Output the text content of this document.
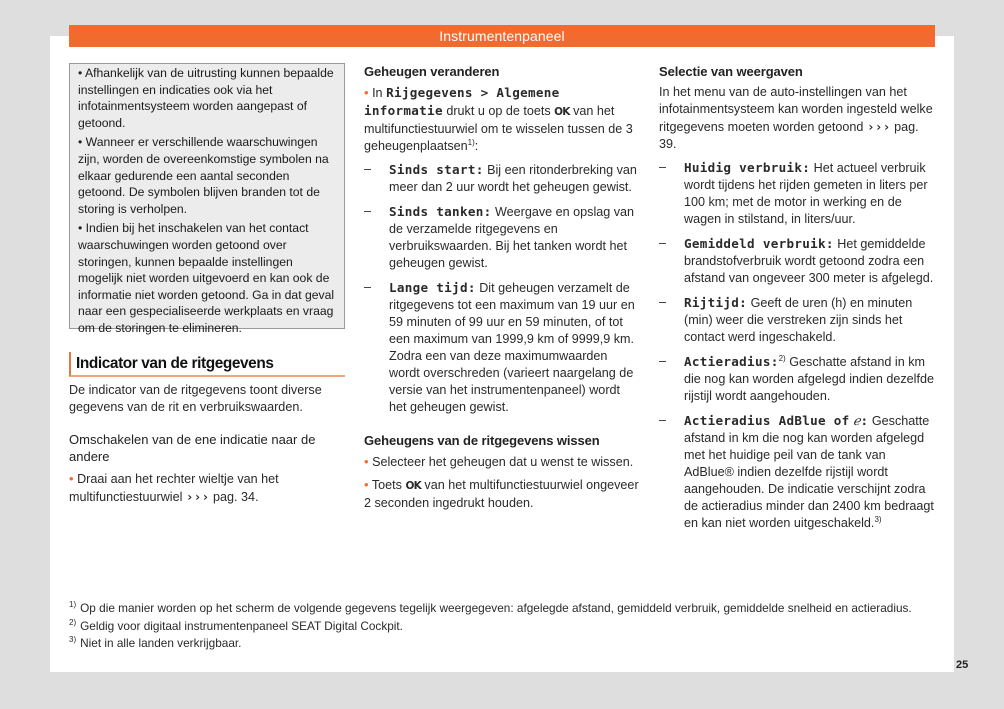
Instrumentenpaneel

• Afhankelijk van de uitrusting kunnen bepaalde instellingen en indicaties ook via het infotainmentsysteem worden aangepast of getoond.

• Wanneer er verschillende waarschuwingen zijn, worden de overeenkomstige symbolen na elkaar gedurende een aantal seconden getoond. De symbolen blijven branden tot de storing is verholpen.

• Indien bij het inschakelen van het contact waarschuwingen worden getoond over storingen, kunnen bepaalde instellingen mogelijk niet worden uitgevoerd en kan ook de informatie niet worden getoond. Ga in dat geval naar een gespecialiseerde werkplaats en vraag om de storingen te elimineren.

Indicator van de ritgegevens

De indicator van de ritgegevens toont diverse gegevens van de rit en verbruikswaarden.

Omschakelen van de ene indicatie naar de andere

• Draai aan het rechter wieltje van het multifunctiestuurwiel ››› pag. 34.

Geheugen veranderen

• In Rijgegevens > Algemene informatie drukt u op de toets OK van het multifunctiestuurwiel om te wisselen tussen de 3 geheugenplaatsen$^{1)}$:

– Sinds start: Bij een ritonderbreking van meer dan 2 uur wordt het geheugen gewist.
– Sinds tanken: Weergave en opslag van de verzamelde ritgegevens en verbruikswaarden. Bij het tanken wordt het geheugen gewist.
– Lange tijd: Dit geheugen verzamelt de ritgegevens tot een maximum van 19 uur en 59 minuten of 99 uur en 59 minuten, of tot een maximum van 1999,9 km of 9999,9 km. Zodra een van deze maximumwaarden wordt overschreden (varieert naargelang de versie van het instrumentenpaneel) wordt het geheugen gewist.

Geheugens van de ritgegevens wissen

• Selecteer het geheugen dat u wenst te wissen.

• Toets OK van het multifunctiestuurwiel ongeveer 2 seconden ingedrukt houden.

Selectie van weergaven

In het menu van de auto-instellingen van het infotainmentsysteem kan worden ingesteld welke ritgegevens moeten worden getoond ››› pag. 39.

– Huidig verbruik: Het actueel verbruik wordt tijdens het rijden gemeten in liters per 100 km; met de motor in werking en de wagen in stilstand, in liters/uur.
– Gemiddeld verbruik: Het gemiddelde brandstofverbruik wordt getoond zodra een afstand van ongeveer 300 meter is afgelegd.
– Rijtijd: Geeft de uren (h) en minuten (min) weer die verstreken zijn sinds het contact werd ingeschakeld.
– Actieradius:$^{2)}$ Geschatte afstand in km die nog kan worden afgelegd indien dezelfde rijstijl wordt aangehouden.
– Actieradius AdBlue of ℯ: Geschatte afstand in km die nog kan worden afgelegd met het huidige peil van de tank van AdBlue® indien dezelfde rijstijl wordt aangehouden. De indicatie verschijnt zodra de actieradius minder dan 2400 km bedraagt en kan niet worden uitgeschakeld.$^{3)}$
$^{1)}$ Op die manier worden op het scherm de volgende gegevens tegelijk weergegeven: afgelegde afstand, gemiddeld verbruik, gemiddelde snelheid en actieradius.
$^{2)}$ Geldig voor digitaal instrumentenpaneel SEAT Digital Cockpit.
$^{3)}$ Niet in alle landen verkrijgbaar.
25
